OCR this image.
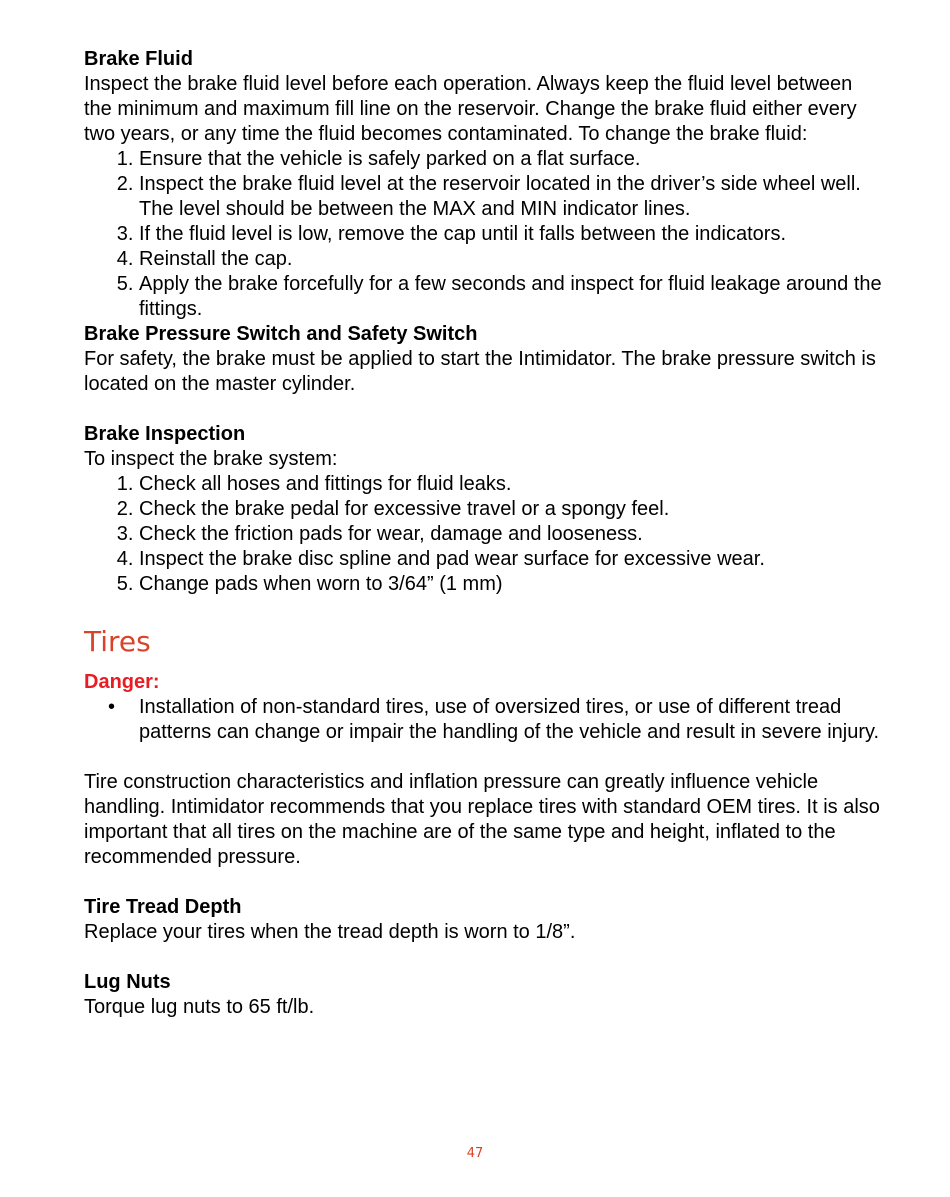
Brake Fluid

Inspect the brake fluid level before each operation. Always keep the fluid level between the minimum and maximum fill line on the reservoir. Change the brake fluid either every two years, or any time the fluid becomes contaminated. To change the brake fluid:

1. Ensure that the vehicle is safely parked on a flat surface.
2. Inspect the brake fluid level at the reservoir located in the driver’s side wheel well. The level should be between the MAX and MIN indicator lines.
3. If the fluid level is low, remove the cap until it falls between the indicators.
4. Reinstall the cap.
5. Apply the brake forcefully for a few seconds and inspect for fluid leakage around the fittings.

Brake Pressure Switch and Safety Switch

For safety, the brake must be applied to start the Intimidator. The brake pressure switch is located on the master cylinder.

Brake Inspection

To inspect the brake system:

1. Check all hoses and fittings for fluid leaks.
2. Check the brake pedal for excessive travel or a spongy feel.
3. Check the friction pads for wear, damage and looseness.
4. Inspect the brake disc spline and pad wear surface for excessive wear.
5. Change pads when worn to 3/64” (1 mm)

Tires

Danger:

• Installation of non-standard tires, use of oversized tires, or use of different tread patterns can change or impair the handling of the vehicle and result in severe injury.

Tire construction characteristics and inflation pressure can greatly influence vehicle handling. Intimidator recommends that you replace tires with standard OEM tires. It is also important that all tires on the machine are of the same type and height, inflated to the recommended pressure.

Tire Tread Depth

Replace your tires when the tread depth is worn to 1/8”.

Lug Nuts

Torque lug nuts to 65 ft/lb.

47
